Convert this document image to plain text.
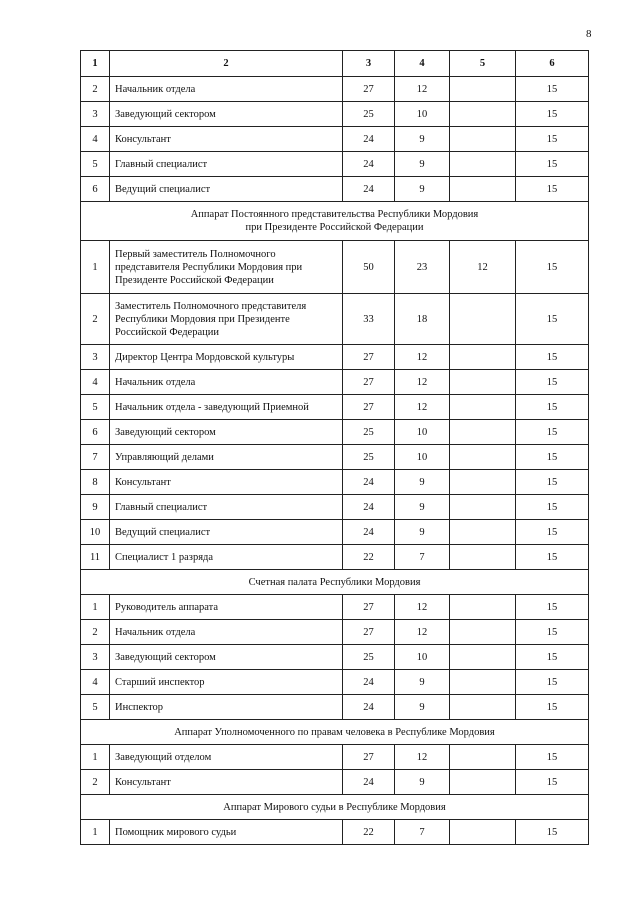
8
1	2	3	4	5	6
2	Начальник отдела	27	12		15
3	Заведующий сектором	25	10		15
4	Консультант	24	9		15
5	Главный специалист	24	9		15
6	Ведущий специалист	24	9		15

Аппарат Постоянного представительства Республики Мордовия
при Президенте Российской Федерации					

1	Первый заместитель Полномочного
представителя Республики Мордовия при
Президенте Российской Федерации	50	23	12	15
2	Заместитель Полномочного представителя
Республики Мордовия при Президенте
Российской Федерации	33	18		15
3	Директор Центра Мордовской культуры	27	12		15
4	Начальник отдела	27	12		15
5	Начальник отдела - заведующий Приемной	27	12		15
6	Заведующий сектором	25	10		15
7	Управляющий делами	25	10		15
8	Консультант	24	9		15
9	Главный специалист	24	9		15
10	Ведущий специалист	24	9		15
11	Специалист 1 разряда	22	7		15

Счетная палата Республики Мордовия					

1	Руководитель аппарата	27	12		15
2	Начальник отдела	27	12		15
3	Заведующий сектором	25	10		15
4	Старший инспектор	24	9		15
5	Инспектор	24	9		15

Аппарат Уполномоченного по правам человека в Республике Мордовия					

1	Заведующий отделом	27	12		15
2	Консультант	24	9		15

Аппарат Мирового судьи в Республике Мордовия					

1	Помощник мирового судьи	22	7		15
